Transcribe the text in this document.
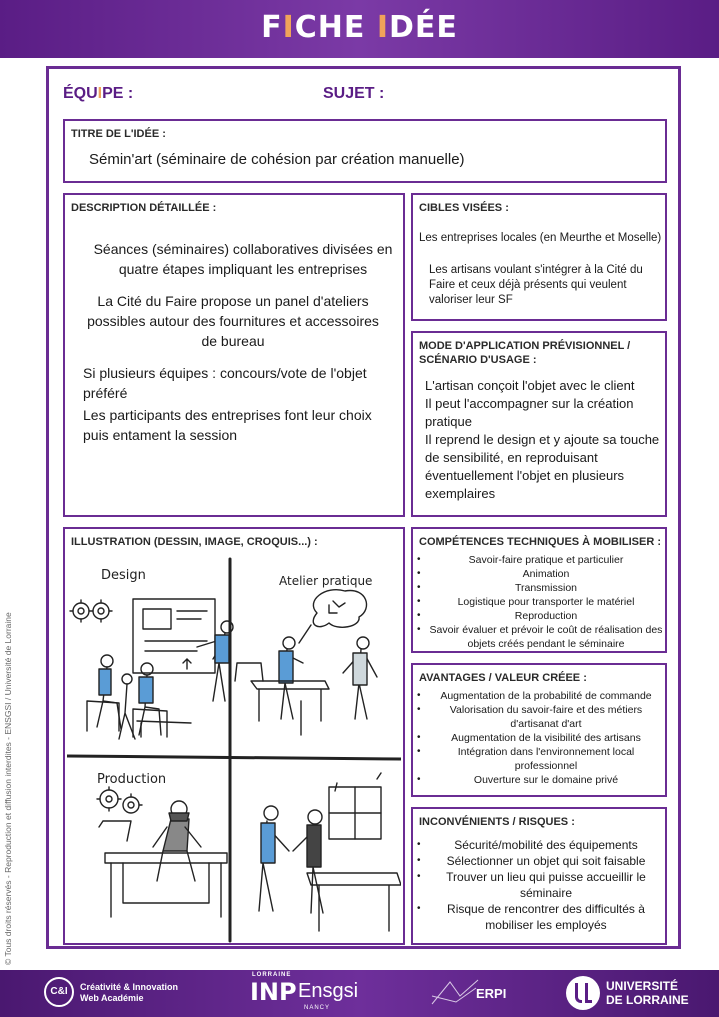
FICHE IDÉE
ÉQUIPE :	SUJET :
TITRE DE L'IDÉE :
Sémin'art (séminaire de cohésion par création manuelle)
DESCRIPTION DÉTAILLÉE :
Séances (séminaires) collaboratives divisées en quatre étapes impliquant les entreprises
La Cité du Faire propose un panel d'ateliers possibles autour des fournitures et accessoires de bureau
Si plusieurs équipes : concours/vote de l'objet préféré
Les participants des entreprises font leur choix puis entament la session
CIBLES VISÉES :
Les entreprises locales (en Meurthe et Moselle)
Les artisans voulant s'intégrer à la Cité du Faire et ceux déjà présents qui veulent valoriser leur SF
MODE D'APPLICATION PRÉVISIONNEL /
SCÉNARIO D'USAGE :
L'artisan conçoit l'objet avec le client
Il peut l'accompagner sur la création pratique
Il reprend le design et y ajoute sa touche de sensibilité, en reproduisant éventuellement l'objet en plusieurs exemplaires
ILLUSTRATION (DESSIN, IMAGE, CROQUIS...) :
Design	Atelier pratique
Production
COMPÉTENCES TECHNIQUES À MOBILISER :
• Savoir-faire pratique et particulier
• Animation
• Transmission
• Logistique pour transporter le matériel
• Reproduction
• Savoir évaluer et prévoir le coût de réalisation des objets créés pendant le séminaire
AVANTAGES / VALEUR CRÉEE :
• Augmentation de la probabilité de commande
• Valorisation du savoir-faire et des métiers d'artisanat d'art
• Augmentation de la visibilité des artisans
• Intégration dans l'environnement local professionnel
• Ouverture sur le domaine privé
INCONVÉNIENTS / RISQUES :
• Sécurité/mobilité des équipements
• Sélectionner un objet qui soit faisable
• Trouver un lieu qui puisse accueillir le séminaire
• Risque de rencontrer des difficultés à mobiliser les employés
© Tous droits réservés - Reproduction et diffusion interdites - ENSGSI / Université de Lorraine
C&I	Créativité & Innovation
Web Académie
LORRAINE
INP Ensgsi
NANCY
ERPI	UNIVERSITÉ
DE LORRAINE
